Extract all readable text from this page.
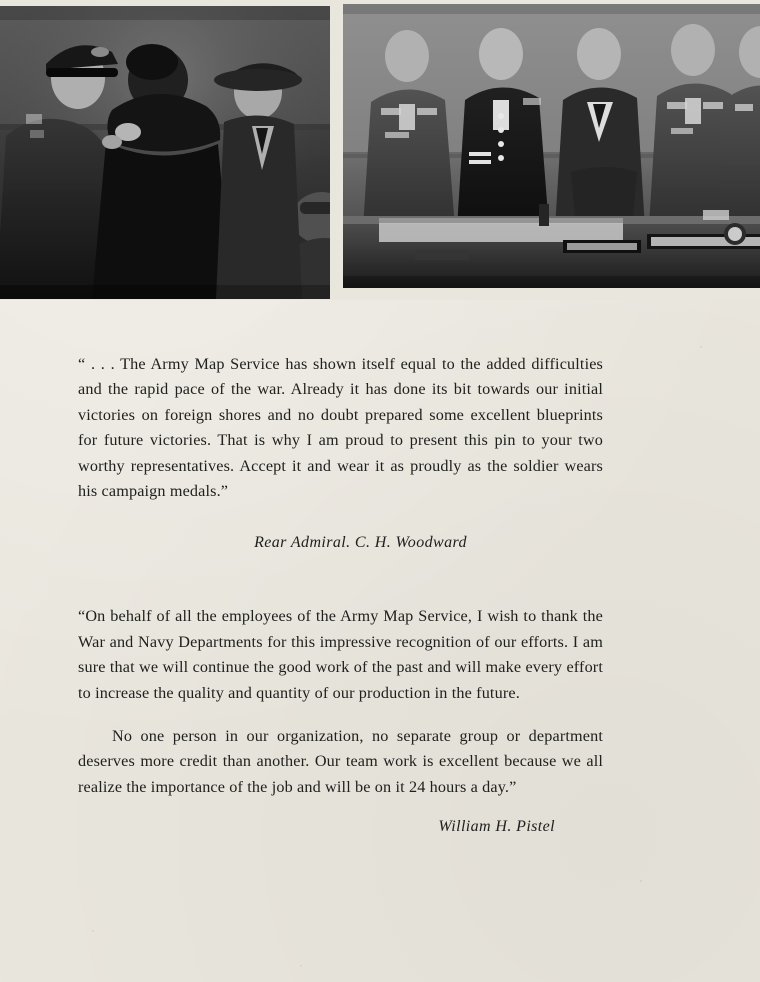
“ . . . The Army Map Service has shown itself equal to the added difficulties and the rapid pace of the war. Already it has done its bit towards our initial victories on foreign shores and no doubt prepared some excellent blueprints for future victories. That is why I am proud to present this pin to your two worthy representatives. Accept it and wear it as proudly as the soldier wears his campaign medals.”

Rear Admiral. C. H. Woodward

“On behalf of all the employees of the Army Map Service, I wish to thank the War and Navy Departments for this impressive recognition of our efforts. I am sure that we will continue the good work of the past and will make every effort to increase the quality and quantity of our production in the future.

No one person in our organization, no separate group or department deserves more credit than another. Our team work is excellent because we all realize the importance of the job and will be on it 24 hours a day.”

William H. Pistel
